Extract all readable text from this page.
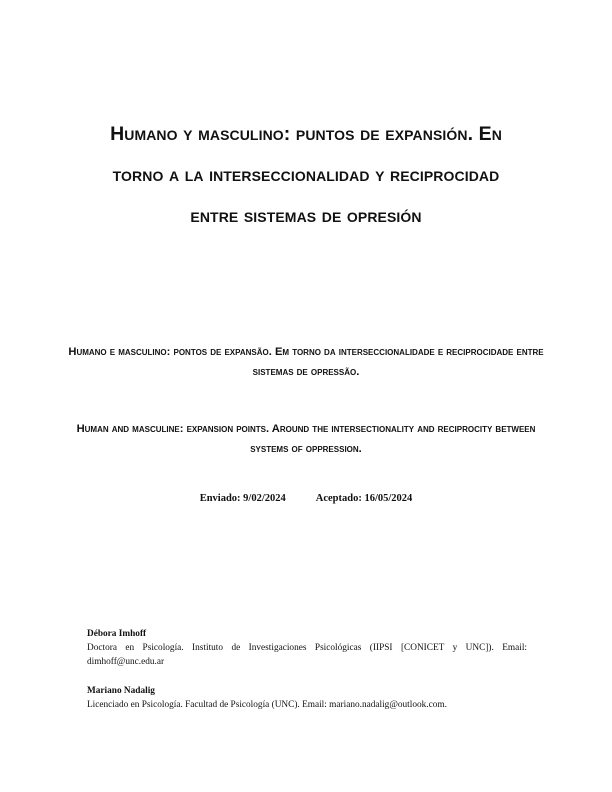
Humano y masculino: puntos de expansión. En torno a la interseccionalidad y reciprocidad entre sistemas de opresión
Humano e masculino: pontos de expansão. Em torno da interseccionalidade e reciprocidade entre sistemas de opressão.
Human and masculine: expansion points. Around the intersectionality and reciprocity between systems of oppression.
Enviado: 9/02/2024	Aceptado: 16/05/2024
Débora Imhoff
Doctora en Psicología. Instituto de Investigaciones Psicológicas (IIPSI [CONICET y UNC]). Email: dimhoff@unc.edu.ar
Mariano Nadalig
Licenciado en Psicología. Facultad de Psicología (UNC). Email: mariano.nadalig@outlook.com.
